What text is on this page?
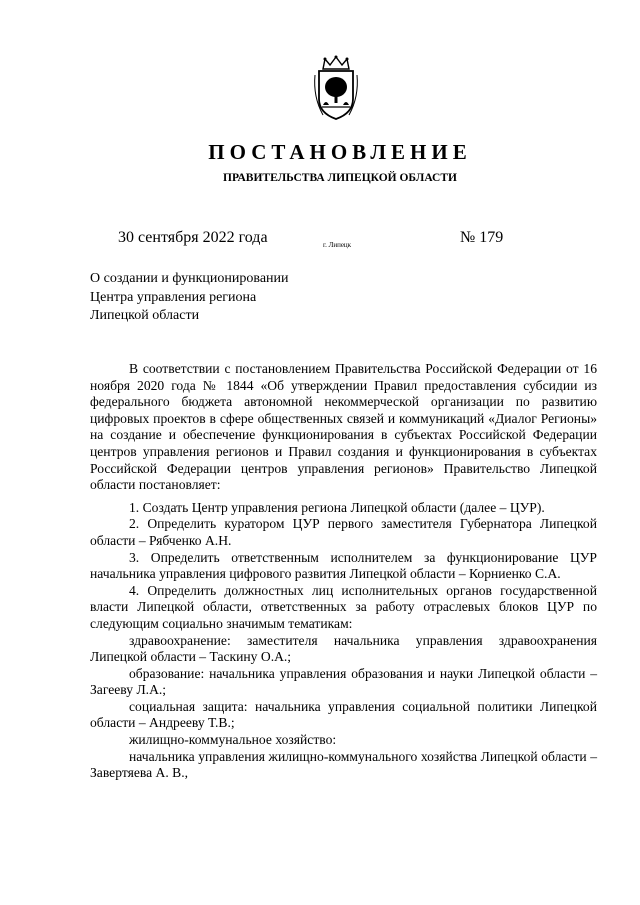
ПОСТАНОВЛЕНИЕ
ПРАВИТЕЛЬСТВА ЛИПЕЦКОЙ ОБЛАСТИ
30 сентября 2022 года	г. Липецк	№ 179
О создании и функционировании
Центра управления региона
Липецкой области

В соответствии с постановлением Правительства Российской Федерации от 16 ноября 2020 года № 1844 «Об утверждении Правил предоставления субсидии из федерального бюджета автономной некоммерческой организации по развитию цифровых проектов в сфере общественных связей и коммуникаций «Диалог Регионы» на создание и обеспечение функционирования в субъектах Российской Федерации центров управления регионов и Правил создания и функционирования в субъектах Российской Федерации центров управления регионов» Правительство Липецкой области постановляет:

1. Создать Центр управления региона Липецкой области (далее – ЦУР).

2. Определить куратором ЦУР первого заместителя Губернатора Липецкой области – Рябченко А.Н.

3. Определить ответственным исполнителем за функционирование ЦУР начальника управления цифрового развития Липецкой области – Корниенко С.А.

4. Определить должностных лиц исполнительных органов государственной власти Липецкой области, ответственных за работу отраслевых блоков ЦУР по следующим социально значимым тематикам:

здравоохранение: заместителя начальника управления здравоохранения Липецкой области – Таскину О.А.;

образование: начальника управления образования и науки Липецкой области – Загееву Л.А.;

социальная защита: начальника управления социальной политики Липецкой области – Андрееву Т.В.;

жилищно-коммунальное хозяйство:

начальника управления жилищно-коммунального хозяйства Липецкой области – Завертяева А. В.,
